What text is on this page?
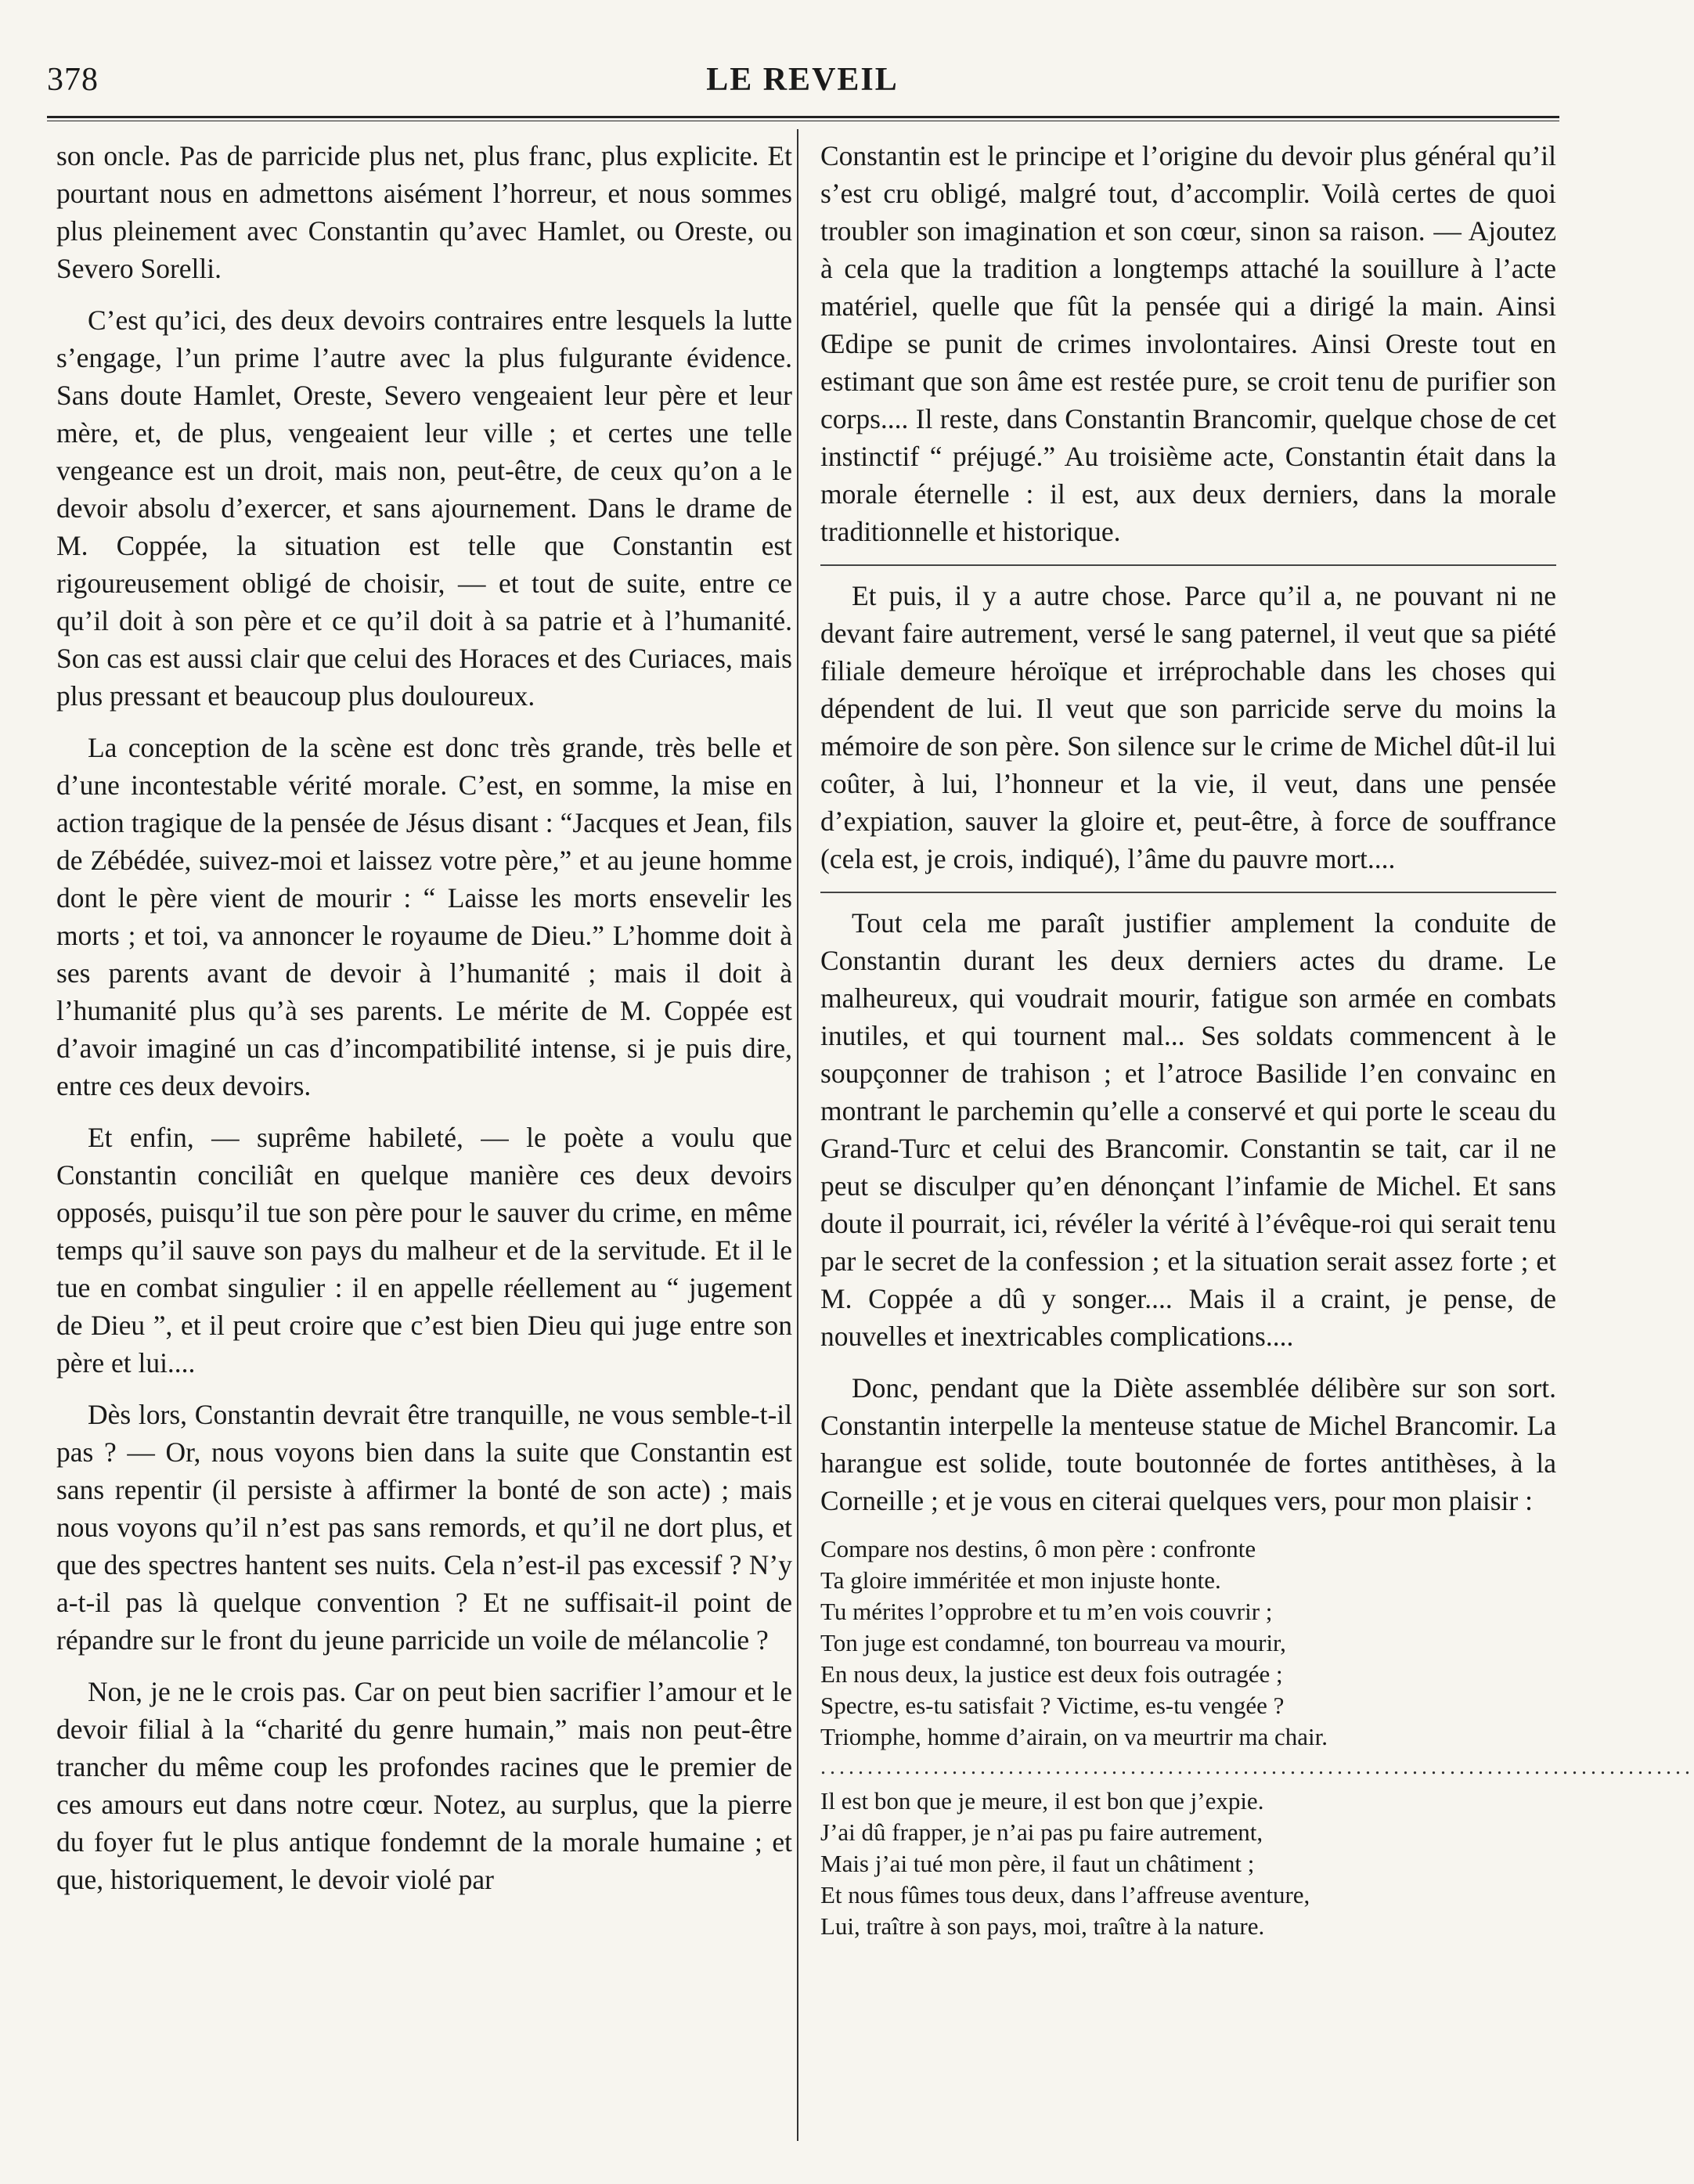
378	LE REVEIL

son oncle. Pas de parricide plus net, plus franc, plus explicite. Et pourtant nous en admettons aisément l’horreur, et nous sommes plus pleinement avec Constantin qu’avec Hamlet, ou Oreste, ou Severo Sorelli.

C’est qu’ici, des deux devoirs contraires entre lesquels la lutte s’engage, l’un prime l’autre avec la plus fulgurante évidence. Sans doute Hamlet, Oreste, Severo vengeaient leur père et leur mère, et, de plus, vengeaient leur ville ; et certes une telle vengeance est un droit, mais non, peut-être, de ceux qu’on a le devoir absolu d’exercer, et sans ajournement. Dans le drame de M. Coppée, la situation est telle que Constantin est rigoureusement obligé de choisir, — et tout de suite, entre ce qu’il doit à son père et ce qu’il doit à sa patrie et à l’humanité. Son cas est aussi clair que celui des Horaces et des Curiaces, mais plus pressant et beaucoup plus douloureux.

La conception de la scène est donc très grande, très belle et d’une incontestable vérité morale. C’est, en somme, la mise en action tragique de la pensée de Jésus disant : “Jacques et Jean, fils de Zébédée, suivez-moi et laissez votre père,” et au jeune homme dont le père vient de mourir : “ Laisse les morts ensevelir les morts ; et toi, va annoncer le royaume de Dieu.” L’homme doit à ses parents avant de devoir à l’humanité ; mais il doit à l’humanité plus qu’à ses parents. Le mérite de M. Coppée est d’avoir imaginé un cas d’incompatibilité intense, si je puis dire, entre ces deux devoirs.

Et enfin, — suprême habileté, — le poète a voulu que Constantin conciliât en quelque manière ces deux devoirs opposés, puisqu’il tue son père pour le sauver du crime, en même temps qu’il sauve son pays du malheur et de la servitude. Et il le tue en combat singulier : il en appelle réellement au “ jugement de Dieu ”, et il peut croire que c’est bien Dieu qui juge entre son père et lui....

Dès lors, Constantin devrait être tranquille, ne vous semble-t-il pas ? — Or, nous voyons bien dans la suite que Constantin est sans repentir (il persiste à affirmer la bonté de son acte) ; mais nous voyons qu’il n’est pas sans remords, et qu’il ne dort plus, et que des spectres hantent ses nuits. Cela n’est-il pas excessif ? N’y a-t-il pas là quelque convention ? Et ne suffisait-il point de répandre sur le front du jeune parricide un voile de mélancolie ?

Non, je ne le crois pas. Car on peut bien sacrifier l’amour et le devoir filial à la “charité du genre humain,” mais non peut-être trancher du même coup les profondes racines que le premier de ces amours eut dans notre cœur. Notez, au surplus, que la pierre du foyer fut le plus antique fondemnt de la morale humaine ; et que, historiquement, le devoir violé par

Constantin est le principe et l’origine du devoir plus général qu’il s’est cru obligé, malgré tout, d’accomplir. Voilà certes de quoi troubler son imagination et son cœur, sinon sa raison. — Ajoutez à cela que la tradition a longtemps attaché la souillure à l’acte matériel, quelle que fût la pensée qui a dirigé la main. Ainsi Œdipe se punit de crimes involontaires. Ainsi Oreste tout en estimant que son âme est restée pure, se croit tenu de purifier son corps.... Il reste, dans Constantin Brancomir, quelque chose de cet instinctif “ préjugé.” Au troisième acte, Constantin était dans la morale éternelle : il est, aux deux derniers, dans la morale traditionnelle et historique.

Et puis, il y a autre chose. Parce qu’il a, ne pouvant ni ne devant faire autrement, versé le sang paternel, il veut que sa piété filiale demeure héroïque et irréprochable dans les choses qui dépendent de lui. Il veut que son parricide serve du moins la mémoire de son père. Son silence sur le crime de Michel dût-il lui coûter, à lui, l’honneur et la vie, il veut, dans une pensée d’expiation, sauver la gloire et, peut-être, à force de souffrance (cela est, je crois, indiqué), l’âme du pauvre mort....

Tout cela me paraît justifier amplement la conduite de Constantin durant les deux derniers actes du drame. Le malheureux, qui voudrait mourir, fatigue son armée en combats inutiles, et qui tournent mal... Ses soldats commencent à le soupçonner de trahison ; et l’atroce Basilide l’en convainc en montrant le parchemin qu’elle a conservé et qui porte le sceau du Grand-Turc et celui des Brancomir. Constantin se tait, car il ne peut se disculper qu’en dénonçant l’infamie de Michel. Et sans doute il pourrait, ici, révéler la vérité à l’évêque-roi qui serait tenu par le secret de la confession ; et la situation serait assez forte ; et M. Coppée a dû y songer.... Mais il a craint, je pense, de nouvelles et inextricables complications....

Donc, pendant que la Diète assemblée délibère sur son sort. Constantin interpelle la menteuse statue de Michel Brancomir. La harangue est solide, toute boutonnée de fortes antithèses, à la Corneille ; et je vous en citerai quelques vers, pour mon plaisir :

Compare nos destins, ô mon père : confronte
Ta gloire imméritée et mon injuste honte.
Tu mérites l’opprobre et tu m’en vois couvrir ;
Ton juge est condamné, ton bourreau va mourir,
En nous deux, la justice est deux fois outragée ;
Spectre, es-tu satisfait ? Victime, es-tu vengée ?
Triomphe, homme d’airain, on va meurtrir ma chair.
.............................................................................................
Il est bon que je meure, il est bon que j’expie.
J’ai dû frapper, je n’ai pas pu faire autrement,
Mais j’ai tué mon père, il faut un châtiment ;
Et nous fûmes tous deux, dans l’affreuse aventure,
Lui, traître à son pays, moi, traître à la nature.
